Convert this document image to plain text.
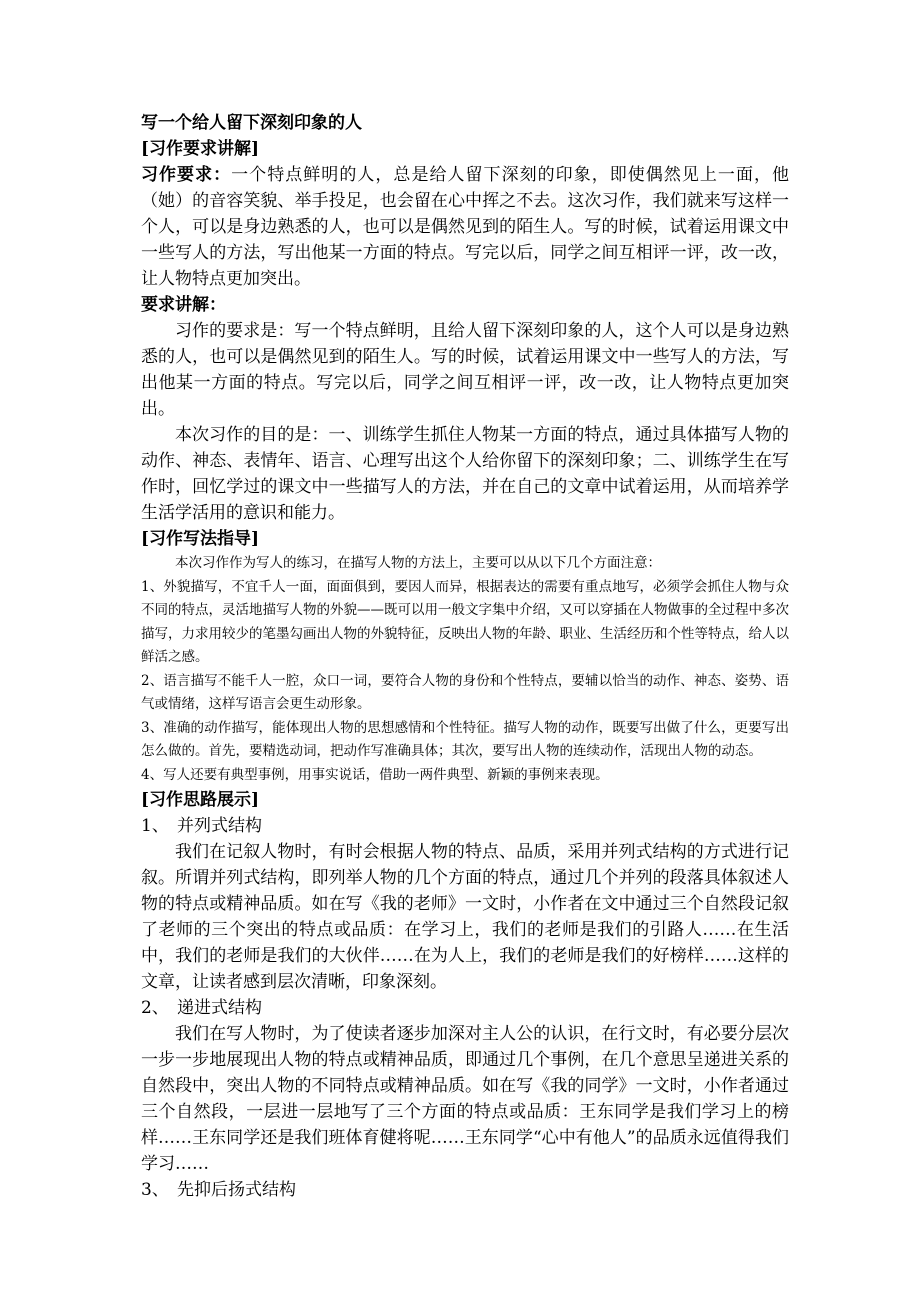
写一个给人留下深刻印象的人
[习作要求讲解]

习作要求：一个特点鲜明的人，总是给人留下深刻的印象，即使偶然见上一面，他（她）的音容笑貌、举手投足，也会留在心中挥之不去。这次习作，我们就来写这样一个人，可以是身边熟悉的人，也可以是偶然见到的陌生人。写的时候，试着运用课文中一些写人的方法，写出他某一方面的特点。写完以后，同学之间互相评一评，改一改，让人物特点更加突出。

要求讲解：

习作的要求是：写一个特点鲜明，且给人留下深刻印象的人，这个人可以是身边熟悉的人，也可以是偶然见到的陌生人。写的时候，试着运用课文中一些写人的方法，写出他某一方面的特点。写完以后，同学之间互相评一评，改一改，让人物特点更加突出。

本次习作的目的是：一、训练学生抓住人物某一方面的特点，通过具体描写人物的动作、神态、表情年、语言、心理写出这个人给你留下的深刻印象；二、训练学生在写作时，回忆学过的课文中一些描写人的方法，并在自己的文章中试着运用，从而培养学生活学活用的意识和能力。

[习作写法指导]

本次习作作为写人的练习，在描写人物的方法上，主要可以从以下几个方面注意：

1、外貌描写，不宜千人一面，面面俱到，要因人而异，根据表达的需要有重点地写，必须学会抓住人物与众不同的特点，灵活地描写人物的外貌——既可以用一般文字集中介绍，又可以穿插在人物做事的全过程中多次描写，力求用较少的笔墨勾画出人物的外貌特征，反映出人物的年龄、职业、生活经历和个性等特点，给人以鲜活之感。

2、语言描写不能千人一腔，众口一词，要符合人物的身份和个性特点，要辅以恰当的动作、神态、姿势、语气或情绪，这样写语言会更生动形象。

3、准确的动作描写，能体现出人物的思想感情和个性特征。描写人物的动作，既要写出做了什么，更要写出怎么做的。首先，要精选动词，把动作写准确具体；其次，要写出人物的连续动作，活现出人物的动态。

4、写人还要有典型事例，用事实说话，借助一两件典型、新颖的事例来表现。

[习作思路展示]
1、 并列式结构

我们在记叙人物时，有时会根据人物的特点、品质，采用并列式结构的方式进行记叙。所谓并列式结构，即列举人物的几个方面的特点，通过几个并列的段落具体叙述人物的特点或精神品质。如在写《我的老师》一文时，小作者在文中通过三个自然段记叙了老师的三个突出的特点或品质：在学习上，我们的老师是我们的引路人……在生活中，我们的老师是我们的大伙伴……在为人上，我们的老师是我们的好榜样……这样的文章，让读者感到层次清晰，印象深刻。

2、 递进式结构

我们在写人物时，为了使读者逐步加深对主人公的认识，在行文时，有必要分层次一步一步地展现出人物的特点或精神品质，即通过几个事例，在几个意思呈递进关系的自然段中，突出人物的不同特点或精神品质。如在写《我的同学》一文时，小作者通过三个自然段，一层进一层地写了三个方面的特点或品质：王东同学是我们学习上的榜样……王东同学还是我们班体育健将呢……王东同学“心中有他人”的品质永远值得我们学习……

3、 先抑后扬式结构
